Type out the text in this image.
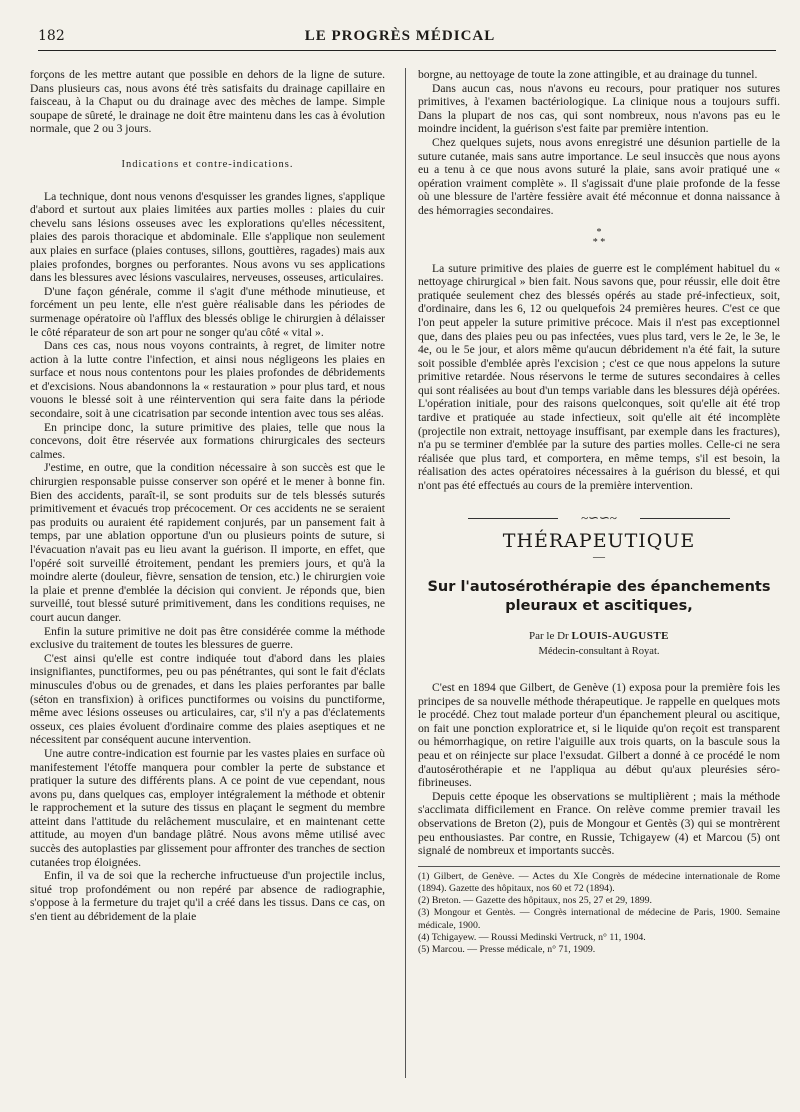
182	LE PROGRÈS MÉDICAL

forçons de les mettre autant que possible en dehors de la ligne de suture. Dans plusieurs cas, nous avons été très satisfaits du drainage capillaire en faisceau, à la Chaput ou du drainage avec des mèches de lampe. Simple soupape de sûreté, le drainage ne doit être maintenu dans les cas à évolution normale, que 2 ou 3 jours.

Indications et contre-indications.

La technique, dont nous venons d'esquisser les grandes lignes, s'applique d'abord et surtout aux plaies limitées aux parties molles : plaies du cuir chevelu sans lésions osseuses avec les explorations qu'elles nécessitent, plaies des parois thoracique et abdominale. Elle s'applique non seulement aux plaies en surface (plaies contuses, sillons, gouttières, ragades) mais aux plaies profondes, borgnes ou perforantes. Nous avons vu ses applications dans les blessures avec lésions vasculaires, nerveuses, osseuses, articulaires.

D'une façon générale, comme il s'agit d'une méthode minutieuse, et forcément un peu lente, elle n'est guère réalisable dans les périodes de surmenage opératoire où l'afflux des blessés oblige le chirurgien à délaisser le côté réparateur de son art pour ne songer qu'au côté « vital ».

Dans ces cas, nous nous voyons contraints, à regret, de limiter notre action à la lutte contre l'infection, et ainsi nous négligeons les plaies en surface et nous nous contentons pour les plaies profondes de débridements et d'excisions. Nous abandonnons la « restauration » pour plus tard, et nous vouons le blessé soit à une réintervention qui sera faite dans la période secondaire, soit à une cicatrisation par seconde intention avec tous ses aléas.

En principe donc, la suture primitive des plaies, telle que nous la concevons, doit être réservée aux formations chirurgicales des secteurs calmes.

J'estime, en outre, que la condition nécessaire à son succès est que le chirurgien responsable puisse conserver son opéré et le mener à bonne fin. Bien des accidents, paraît-il, se sont produits sur de tels blessés suturés primitivement et évacués trop précocement. Or ces accidents ne se seraient pas produits ou auraient été rapidement conjurés, par un pansement fait à temps, par une ablation opportune d'un ou plusieurs points de suture, si l'évacuation n'avait pas eu lieu avant la guérison. Il importe, en effet, que l'opéré soit surveillé étroitement, pendant les premiers jours, et qu'à la moindre alerte (douleur, fièvre, sensation de tension, etc.) le chirurgien voie la plaie et prenne d'emblée la décision qui convient. Je réponds que, bien surveillé, tout blessé suturé primitivement, dans les conditions requises, ne court aucun danger.

Enfin la suture primitive ne doit pas être considérée comme la méthode exclusive du traitement de toutes les blessures de guerre.

C'est ainsi qu'elle est contre indiquée tout d'abord dans les plaies insignifiantes, punctiformes, peu ou pas pénétrantes, qui sont le fait d'éclats minuscules d'obus ou de grenades, et dans les plaies perforantes par balle (séton en transfixion) à orifices punctiformes ou voisins du punctiforme, même avec lésions osseuses ou articulaires, car, s'il n'y a pas d'éclatements osseux, ces plaies évoluent d'ordinaire comme des plaies aseptiques et ne nécessitent par conséquent aucune intervention.

Une autre contre-indication est fournie par les vastes plaies en surface où manifestement l'étoffe manquera pour combler la perte de substance et pratiquer la suture des différents plans. A ce point de vue cependant, nous avons pu, dans quelques cas, employer intégralement la méthode et obtenir le rapprochement et la suture des tissus en plaçant le segment du membre atteint dans l'attitude du relâchement musculaire, et en maintenant cette attitude, au moyen d'un bandage plâtré. Nous avons même utilisé avec succès des autoplasties par glissement pour affronter des tranches de section cutanées trop éloignées.

Enfin, il va de soi que la recherche infructueuse d'un projectile inclus, situé trop profondément ou non repéré par absence de radiographie, s'oppose à la fermeture du trajet qu'il a créé dans les tissus. Dans ce cas, on s'en tient au débridement de la plaie

borgne, au nettoyage de toute la zone attingible, et au drainage du tunnel.

Dans aucun cas, nous n'avons eu recours, pour pratiquer nos sutures primitives, à l'examen bactériologique. La clinique nous a toujours suffi. Dans la plupart de nos cas, qui sont nombreux, nous n'avons pas eu le moindre incident, la guérison s'est faite par première intention.

Chez quelques sujets, nous avons enregistré une désunion partielle de la suture cutanée, mais sans autre importance. Le seul insuccès que nous ayons eu a tenu à ce que nous avons suturé la plaie, sans avoir pratiqué une « opération vraiment complète ». Il s'agissait d'une plaie profonde de la fesse où une blessure de l'artère fessière avait été méconnue et donna naissance à des hémorragies secondaires.

*
* *

La suture primitive des plaies de guerre est le complément habituel du « nettoyage chirurgical » bien fait. Nous savons que, pour réussir, elle doit être pratiquée seulement chez des blessés opérés au stade pré-infectieux, soit, d'ordinaire, dans les 6, 12 ou quelquefois 24 premières heures. C'est ce que l'on peut appeler la suture primitive précoce. Mais il n'est pas exceptionnel que, dans des plaies peu ou pas infectées, vues plus tard, vers le 2e, le 3e, le 4e, ou le 5e jour, et alors même qu'aucun débridement n'a été fait, la suture soit possible d'emblée après l'excision ; c'est ce que nous appelons la suture primitive retardée. Nous réservons le terme de sutures secondaires à celles qui sont réalisées au bout d'un temps variable dans les blessures déjà opérées. L'opération initiale, pour des raisons quelconques, soit qu'elle ait été trop tardive et pratiquée au stade infectieux, soit qu'elle ait été incomplète (projectile non extrait, nettoyage insuffisant, par exemple dans les fractures), n'a pu se terminer d'emblée par la suture des parties molles. Celle-ci ne sera réalisée que plus tard, et comportera, en même temps, s'il est besoin, la réalisation des actes opératoires nécessaires à la guérison du blessé, et qui n'ont pas été effectués au cours de la première intervention.

~∽∽~

THÉRAPEUTIQUE

—

Sur l'autosérothérapie des épanchements pleuraux et ascitiques,

Par le Dr LOUIS-AUGUSTE

Médecin-consultant à Royat.

C'est en 1894 que Gilbert, de Genève (1) exposa pour la première fois les principes de sa nouvelle méthode thérapeutique. Je rappelle en quelques mots le procédé. Chez tout malade porteur d'un épanchement pleural ou ascitique, on fait une ponction exploratrice et, si le liquide qu'on reçoit est transparent ou hémorrhagique, on retire l'aiguille aux trois quarts, on la bascule sous la peau et on réinjecte sur place l'exsudat. Gilbert a donné à ce procédé le nom d'autosérothérapie et ne l'appliqua au début qu'aux pleurésies séro-fibrineuses.

Depuis cette époque les observations se multiplièrent ; mais la méthode s'acclimata difficilement en France. On relève comme premier travail les observations de Breton (2), puis de Mongour et Gentès (3) qui se montrèrent peu enthousiastes. Par contre, en Russie, Tchigayew (4) et Marcou (5) ont signalé de nombreux et importants succès.

(1) Gilbert, de Genève. — Actes du XIe Congrès de médecine internationale de Rome (1894). Gazette des hôpitaux, nos 60 et 72 (1894).
(2) Breton. — Gazette des hôpitaux, nos 25, 27 et 29, 1899.
(3) Mongour et Gentès. — Congrès international de médecine de Paris, 1900. Semaine médicale, 1900.
(4) Tchigayew. — Roussi Medinski Vertruck, n° 11, 1904.
(5) Marcou. — Presse médicale, n° 71, 1909.
